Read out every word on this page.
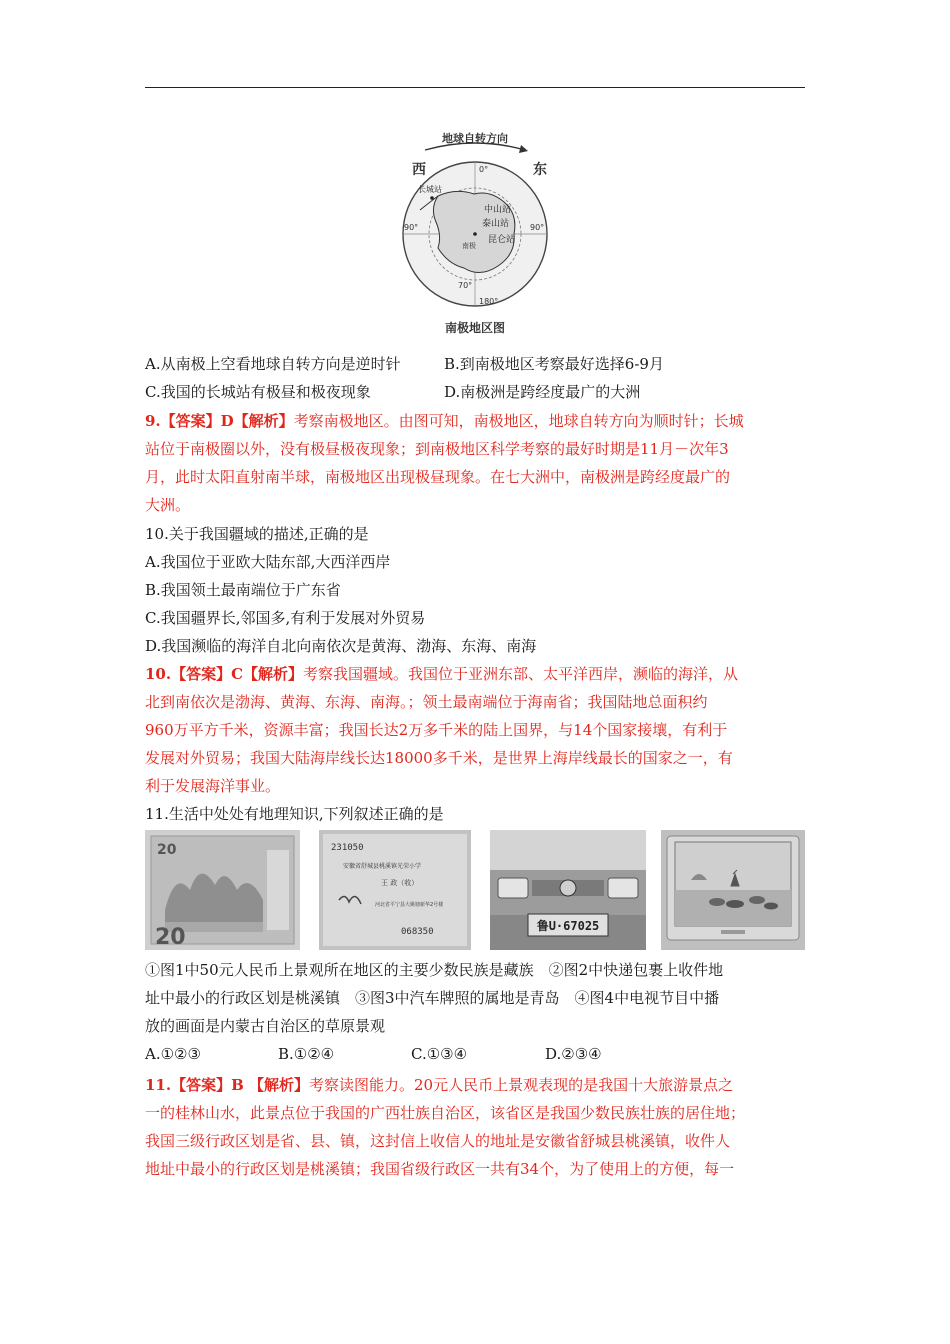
地球自转方向
西	东
0°
90°	90°
70°
180°
长城站
中山站
泰山站
昆仑站
南极
南极地区图
A.从南极上空看地球自转方向是逆时针	B.到南极地区考察最好选择6-9月
C.我国的长城站有极昼和极夜现象	D.南极洲是跨经度最广的大洲
9.【答案】D【解析】考察南极地区。由图可知，南极地区，地球自转方向为顺时针；长城
站位于南极圈以外，没有极昼极夜现象；到南极地区科学考察的最好时期是11月－次年3
月，此时太阳直射南半球，南极地区出现极昼现象。在七大洲中，南极洲是跨经度最广的
大洲。
10.关于我国疆域的描述,正确的是
A.我国位于亚欧大陆东部,大西洋西岸
B.我国领土最南端位于广东省
C.我国疆界长,邻国多,有利于发展对外贸易
D.我国濒临的海洋自北向南依次是黄海、渤海、东海、南海
10.【答案】C【解析】考察我国疆域。我国位于亚洲东部、太平洋西岸，濒临的海洋，从
北到南依次是渤海、黄海、东海、南海。；领土最南端位于海南省；我国陆地总面积约
960万平方千米，资源丰富；我国长达2万多千米的陆上国界，与14个国家接壤，有利于
发展对外贸易；我国大陆海岸线长达18000多千米，是世界上海岸线最长的国家之一，有
利于发展海洋事业。
11.生活中处处有地理知识,下列叙述正确的是
20
20
231050
安徽省舒城县桃溪镇光荣小学
王 政（收）
河北省平宁县大姚塘新华2号楼
068350	鲁U·67025
①图1中50元人民币上景观所在地区的主要少数民族是藏族　②图2中快递包裹上收件地
址中最小的行政区划是桃溪镇　③图3中汽车牌照的属地是青岛　④图4中电视节目中播
放的画面是内蒙古自治区的草原景观
A.①②③	B.①②④	C.①③④	D.②③④
11.【答案】B 【解析】考察读图能力。20元人民币上景观表现的是我国十大旅游景点之
一的桂林山水，此景点位于我国的广西壮族自治区，该省区是我国少数民族壮族的居住地；
我国三级行政区划是省、县、镇，这封信上收信人的地址是安徽省舒城县桃溪镇，收件人
地址中最小的行政区划是桃溪镇；我国省级行政区一共有34个，为了使用上的方便，每一
